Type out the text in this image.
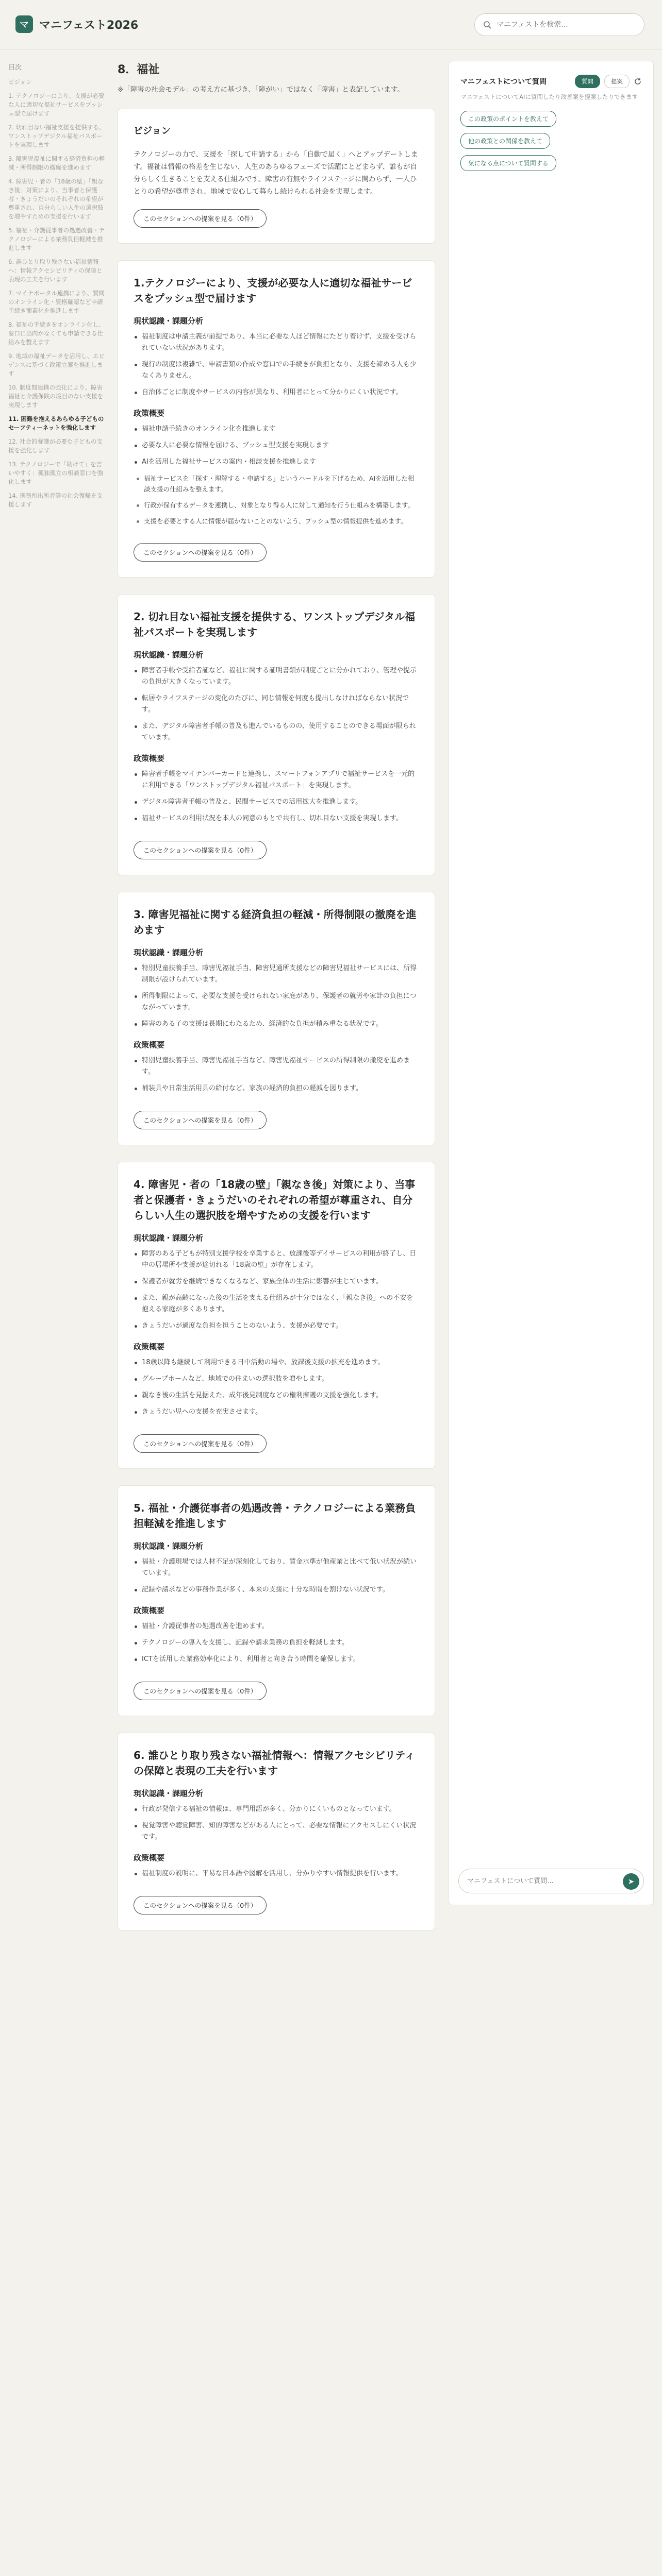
マ マニフェスト2026
マニフェストを検索...
目次
ビジョン
1. テクノロジーにより、支援が必要な人に適切な福祉サービスをプッシュ型で届けます
2. 切れ目ない福祉支援を提供する、ワンストップデジタル福祉パスポートを実現します
3. 障害児福祉に関する経済負担の軽減・所得制限の撤廃を進めます
4. 障害児・者の「18歳の壁」「親なき後」対策により、当事者と保護者・きょうだいのそれぞれの希望が尊重され、自分らしい人生の選択肢を増やすための支援を行います
5. 福祉・介護従事者の処遇改善・テクノロジーによる業務負担軽減を推進します
6. 誰ひとり取り残さない福祉情報へ：情報アクセシビリティの保障と表現の工夫を行います
7. マイナポータル連携により、質問のオンライン化・資格確認など申請手続き簡素化を推進します
8. 福祉の手続きをオンライン化し、窓口に出向かなくても申請できる仕組みを整えます
9. 地域の福祉データを活用し、エビデンスに基づく政策立案を推進します
10. 制度間連携の強化により、障害福祉と介護保険の境目のない支援を実現します
11. 困難を抱えるあらゆる子どものセーフティーネットを強化します
12. 社会的養護が必要な子どもの支援を強化します
13. テクノロジーで「助けて」を言いやすく：孤独孤立の相談窓口を強化します
14. 刑務所出所者等の社会復帰を支援します
8．福祉

※「障害の社会モデル」の考え方に基づき、「障がい」ではなく「障害」と表記しています。

ビジョン

テクノロジーの力で、支援を「探して申請する」から「自動で届く」へとアップデートします。福祉は情報の格差を生じない、人生のあらゆるフェーズで活躍にとどまらず、誰もが自分らしく生きることを支える仕組みです。障害の有無やライフステージに関わらず、一人ひとりの希望が尊重され、地域で安心して暮らし続けられる社会を実現します。

このセクションへの提案を見る（0件）
1.テクノロジーにより、支援が必要な人に適切な福祉サービスをプッシュ型で届けます
現状認識・課題分析
福祉制度は申請主義が前提であり、本当に必要な人ほど情報にたどり着けず、支援を受けられていない状況があります。
現行の制度は複雑で、申請書類の作成や窓口での手続きが負担となり、支援を諦める人も少なくありません。
自治体ごとに制度やサービスの内容が異なり、利用者にとって分かりにくい状況です。
政策概要
福祉申請手続きのオンライン化を推進します
必要な人に必要な情報を届ける、プッシュ型支援を実現します
AIを活用した福祉サービスの案内・相談支援を推進します
福祉サービスを「探す・理解する・申請する」というハードルを下げるため、AIを活用した相談支援の仕組みを整えます。
行政が保有するデータを連携し、対象となり得る人に対して通知を行う仕組みを構築します。
支援を必要とする人に情報が届かないことのないよう、プッシュ型の情報提供を進めます。
このセクションへの提案を見る（0件）
2. 切れ目ない福祉支援を提供する、ワンストップデジタル福祉パスポートを実現します
現状認識・課題分析
障害者手帳や受給者証など、福祉に関する証明書類が制度ごとに分かれており、管理や提示の負担が大きくなっています。
転居やライフステージの変化のたびに、同じ情報を何度も提出しなければならない状況です。
また、デジタル障害者手帳の普及も進んでいるものの、使用することのできる場面が限られています。
政策概要
障害者手帳をマイナンバーカードと連携し、スマートフォンアプリで福祉サービスを一元的に利用できる「ワンストップデジタル福祉パスポート」を実現します。
デジタル障害者手帳の普及と、民間サービスでの活用拡大を推進します。
福祉サービスの利用状況を本人の同意のもとで共有し、切れ目ない支援を実現します。
このセクションへの提案を見る（0件）
3. 障害児福祉に関する経済負担の軽減・所得制限の撤廃を進めます
現状認識・課題分析
特別児童扶養手当、障害児福祉手当、障害児通所支援などの障害児福祉サービスには、所得制限が設けられています。
所得制限によって、必要な支援を受けられない家庭があり、保護者の就労や家計の負担につながっています。
障害のある子の支援は長期にわたるため、経済的な負担が積み重なる状況です。
政策概要
特別児童扶養手当、障害児福祉手当など、障害児福祉サービスの所得制限の撤廃を進めます。
補装具や日常生活用具の給付など、家族の経済的負担の軽減を図ります。
このセクションへの提案を見る（0件）
4. 障害児・者の「18歳の壁」「親なき後」対策により、当事者と保護者・きょうだいのそれぞれの希望が尊重され、自分らしい人生の選択肢を増やすための支援を行います
現状認識・課題分析
障害のある子どもが特別支援学校を卒業すると、放課後等デイサービスの利用が終了し、日中の居場所や支援が途切れる「18歳の壁」が存在します。
保護者が就労を継続できなくなるなど、家族全体の生活に影響が生じています。
また、親が高齢になった後の生活を支える仕組みが十分ではなく、「親なき後」への不安を抱える家庭が多くあります。
きょうだいが過度な負担を担うことのないよう、支援が必要です。
政策概要
18歳以降も継続して利用できる日中活動の場や、放課後支援の拡充を進めます。
グループホームなど、地域での住まいの選択肢を増やします。
親なき後の生活を見据えた、成年後見制度などの権利擁護の支援を強化します。
きょうだい児への支援を充実させます。
このセクションへの提案を見る（0件）
5. 福祉・介護従事者の処遇改善・テクノロジーによる業務負担軽減を推進します
現状認識・課題分析
福祉・介護現場では人材不足が深刻化しており、賃金水準が他産業と比べて低い状況が続いています。
記録や請求などの事務作業が多く、本来の支援に十分な時間を割けない状況です。
政策概要
福祉・介護従事者の処遇改善を進めます。
テクノロジーの導入を支援し、記録や請求業務の負担を軽減します。
ICTを活用した業務効率化により、利用者と向き合う時間を確保します。
このセクションへの提案を見る（0件）
6. 誰ひとり取り残さない福祉情報へ：情報アクセシビリティの保障と表現の工夫を行います
現状認識・課題分析
行政が発信する福祉の情報は、専門用語が多く、分かりにくいものとなっています。
視覚障害や聴覚障害、知的障害などがある人にとって、必要な情報にアクセスしにくい状況です。
政策概要
福祉制度の説明に、平易な日本語や図解を活用し、分かりやすい情報提供を行います。
このセクションへの提案を見る（0件）
マニフェストについて質問	質問	提案
マニフェストについてAIに質問したり改善案を提案したりできます
この政策のポイントを教えて
他の政策との関係を教えて
気になる点について質問する
マニフェストについて質問...
➤
